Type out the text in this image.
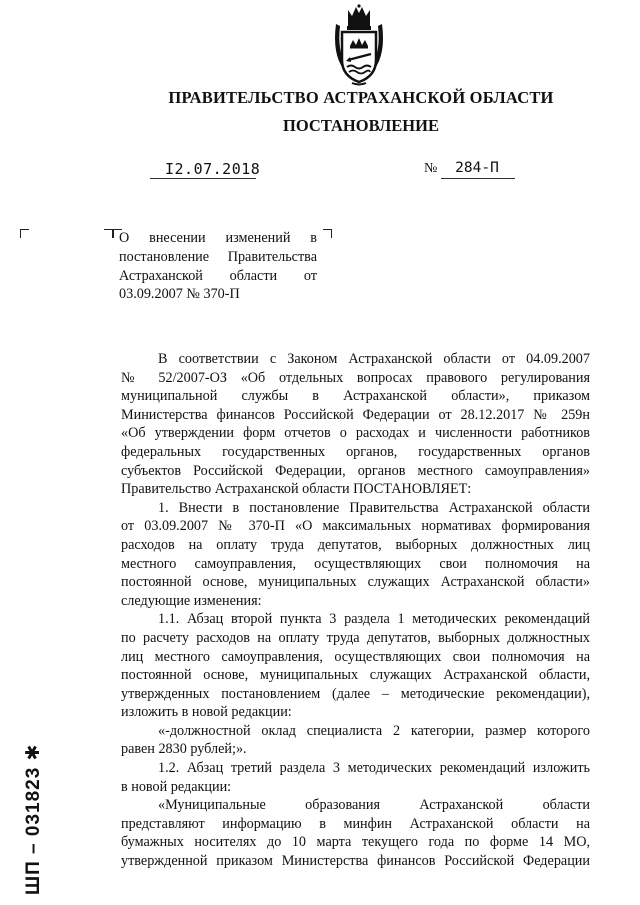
ПРАВИТЕЛЬСТВО АСТРАХАНСКОЙ ОБЛАСТИ
ПОСТАНОВЛЕНИЕ
I2.07.2018	№	284-П
О внесении изменений в
постановление Правительства
Астраханской области от
03.09.2007 № 370-П
В соответствии с Законом Астраханской области от 04.09.2007
№ 52/2007-ОЗ «Об отдельных вопросах правового регулирования
муниципальной службы в Астраханской области», приказом
Министерства финансов Российской Федерации от 28.12.2017 № 259н
«Об утверждении форм отчетов о расходах и численности работников
федеральных государственных органов, государственных органов
субъектов Российской Федерации, органов местного самоуправления»
Правительство Астраханской области ПОСТАНОВЛЯЕТ:
1. Внести в постановление Правительства Астраханской области
от 03.09.2007 № 370-П «О максимальных нормативах формирования
расходов на оплату труда депутатов, выборных должностных лиц
местного самоуправления, осуществляющих свои полномочия на
постоянной основе, муниципальных служащих Астраханской области»
следующие изменения:
1.1. Абзац второй пункта 3 раздела 1 методических рекомендаций
по расчету расходов на оплату труда депутатов, выборных должностных
лиц местного самоуправления, осуществляющих свои полномочия на
постоянной основе, муниципальных служащих Астраханской области,
утвержденных постановлением (далее – методические рекомендации),
изложить в новой редакции:
«-должностной оклад специалиста 2 категории, размер которого
равен 2830 рублей;».
1.2. Абзац третий раздела 3 методических рекомендаций изложить
в новой редакции:
«Муниципальные образования Астраханской области
представляют информацию в минфин Астраханской области на
бумажных носителях до 10 марта текущего года по форме 14 МО,
утвержденной приказом Министерства финансов Российской Федерации
ШП – 031823 ✱
